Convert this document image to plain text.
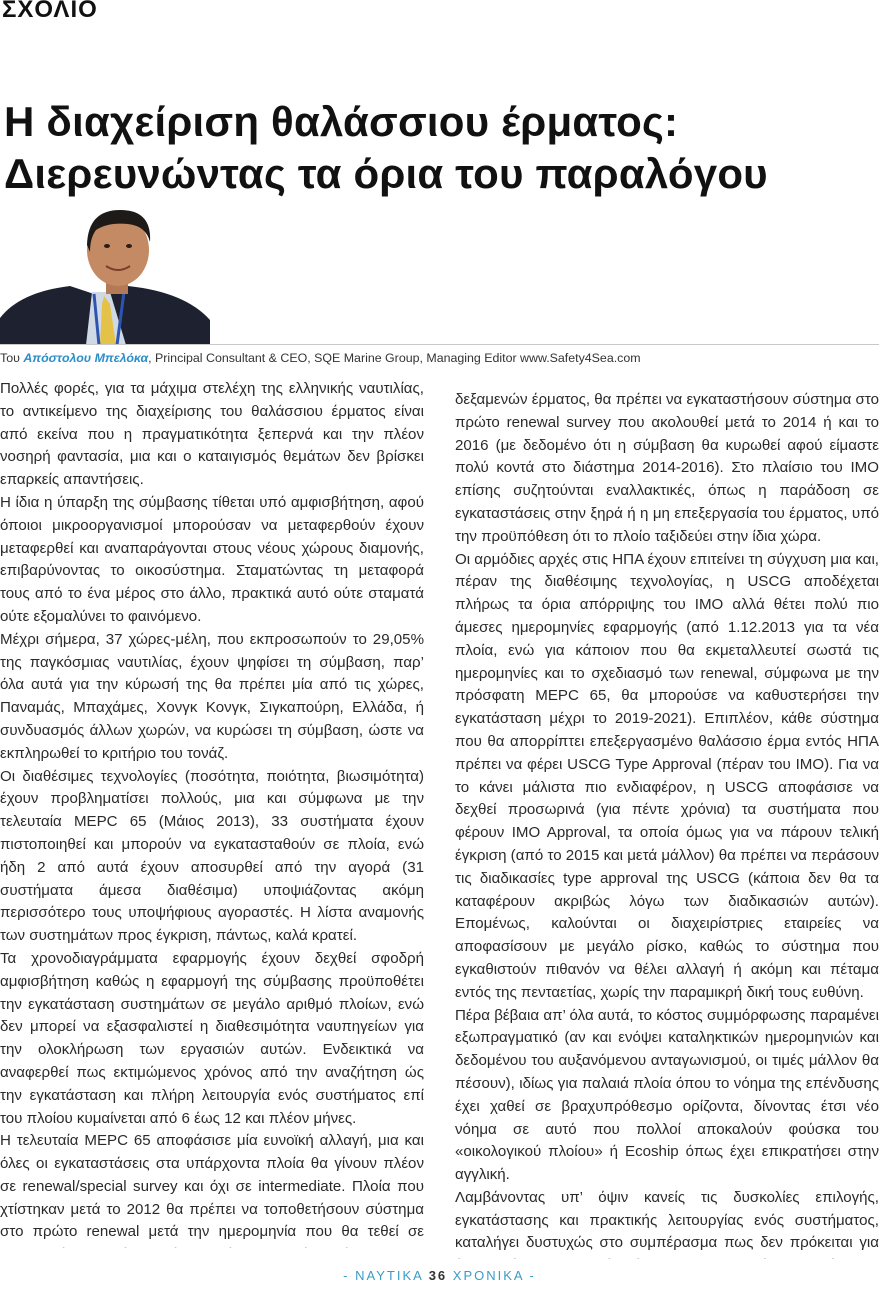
ΣΧΟΛΙΟ
Η διαχείριση θαλάσσιου έρματος:
Διερευνώντας τα όρια του παραλόγου
Του Απόστολου Μπελόκα, Principal Consultant & CEO, SQE Marine Group, Managing Editor www.Safety4Sea.com

Πολλές φορές, για τα μάχιμα στελέχη της ελληνικής ναυτιλίας, το αντικείμενο της διαχείρισης του θαλάσσιου έρματος είναι από εκείνα που η πραγματικότητα ξεπερνά και την πλέον νοσηρή φαντασία, μια και ο καταιγισμός θεμάτων δεν βρίσκει επαρκείς απαντήσεις.

Η ίδια η ύπαρξη της σύμβασης τίθεται υπό αμφισβήτηση, αφού όποιοι μικροοργανισμοί μπορούσαν να μεταφερθούν έχουν μεταφερθεί και αναπαράγονται στους νέους χώρους διαμονής, επιβαρύνοντας το οικοσύστημα. Σταματώντας τη μεταφορά τους από το ένα μέρος στο άλλο, πρακτικά αυτό ούτε σταματά ούτε εξομαλύνει το φαινόμενο.

Μέχρι σήμερα, 37 χώρες-μέλη, που εκπροσωπούν το 29,05% της παγκόσμιας ναυτιλίας, έχουν ψηφίσει τη σύμβαση, παρ’ όλα αυτά για την κύρωσή της θα πρέπει μία από τις χώρες, Παναμάς, Μπαχάμες, Χονγκ Κονγκ, Σιγκαπούρη, Ελλάδα, ή συνδυασμός άλλων χωρών, να κυρώσει τη σύμβαση, ώστε να εκπληρωθεί το κριτήριο του τονάζ.

Οι διαθέσιμες τεχνολογίες (ποσότητα, ποιότητα, βιωσιμότητα) έχουν προβληματίσει πολλούς, μια και σύμφωνα με την τελευταία MEPC 65 (Μάιος 2013), 33 συστήματα έχουν πιστοποιηθεί και μπορούν να εγκατασταθούν σε πλοία, ενώ ήδη 2 από αυτά έχουν αποσυρθεί από την αγορά (31 συστήματα άμεσα διαθέσιμα) υποψιάζοντας ακόμη περισσότερο τους υποψήφιους αγοραστές. Η λίστα αναμονής των συστημάτων προς έγκριση, πάντως, καλά κρατεί.

Τα χρονοδιαγράμματα εφαρμογής έχουν δεχθεί σφοδρή αμφισβήτηση καθώς η εφαρμογή της σύμβασης προϋποθέτει την εγκατάσταση συστημάτων σε μεγάλο αριθμό πλοίων, ενώ δεν μπορεί να εξασφαλιστεί η διαθεσιμότητα ναυπηγείων για την ολοκλήρωση των εργασιών αυτών. Ενδεικτικά να αναφερθεί πως εκτιμώμενος χρόνος από την αναζήτηση ώς την εγκατάσταση και πλήρη λειτουργία ενός συστήματος επί του πλοίου κυμαίνεται από 6 έως 12 και πλέον μήνες.

Η τελευταία MEPC 65 αποφάσισε μία ευνοϊκή αλλαγή, μια και όλες οι εγκαταστάσεις στα υπάρχοντα πλοία θα γίνουν πλέον σε renewal/special survey και όχι σε intermediate. Πλοία που χτίστηκαν μετά το 2012 θα πρέπει να τοποθετήσουν σύστημα στο πρώτο renewal μετά την ημερομηνία που θα τεθεί σε

δεξαμενών έρματος, θα πρέπει να εγκαταστήσουν σύστημα στο πρώτο renewal survey που ακολουθεί μετά το 2014 ή και το 2016 (με δεδομένο ότι η σύμβαση θα κυρωθεί αφού είμαστε πολύ κοντά στο διάστημα 2014-2016). Στο πλαίσιο του ΙΜΟ επίσης συζητούνται εναλλακτικές, όπως η παράδοση σε εγκαταστάσεις στην ξηρά ή η μη επεξεργασία του έρματος, υπό την προϋπόθεση ότι το πλοίο ταξιδεύει στην ίδια χώρα.

Οι αρμόδιες αρχές στις ΗΠΑ έχουν επιτείνει τη σύγχυση μια και, πέραν της διαθέσιμης τεχνολογίας, η USCG αποδέχεται πλήρως τα όρια απόρριψης του ΙΜΟ αλλά θέτει πολύ πιο άμεσες ημερομηνίες εφαρμογής (από 1.12.2013 για τα νέα πλοία, ενώ για κάποιον που θα εκμεταλλευτεί σωστά τις ημερομηνίες και το σχεδιασμό των renewal, σύμφωνα με την πρόσφατη MEPC 65, θα μπορούσε να καθυστερήσει την εγκατάσταση μέχρι το 2019-2021). Επιπλέον, κάθε σύστημα που θα απορρίπτει επεξεργασμένο θαλάσσιο έρμα εντός ΗΠΑ πρέπει να φέρει USCG Type Approval (πέραν του ΙΜΟ). Για να το κάνει μάλιστα πιο ενδιαφέρον, η USCG αποφάσισε να δεχθεί προσωρινά (για πέντε χρόνια) τα συστήματα που φέρουν IMO Approval, τα οποία όμως για να πάρουν τελική έγκριση (από το 2015 και μετά μάλλον) θα πρέπει να περάσουν τις διαδικασίες type approval της USCG (κάποια δεν θα τα καταφέρουν ακριβώς λόγω των διαδικασιών αυτών). Επομένως, καλούνται οι διαχειρίστριες εταιρείες να αποφασίσουν με μεγάλο ρίσκο, καθώς το σύστημα που εγκαθιστούν πιθανόν να θέλει αλλαγή ή ακόμη και πέταμα εντός της πενταετίας, χωρίς την παραμικρή δική τους ευθύνη.

Πέρα βέβαια απ’ όλα αυτά, το κόστος συμμόρφωσης παραμένει εξωπραγματικό (αν και ενόψει καταληκτικών ημερομηνιών και δεδομένου του αυξανόμενου ανταγωνισμού, οι τιμές μάλλον θα πέσουν), ιδίως για παλαιά πλοία όπου το νόημα της επένδυσης έχει χαθεί σε βραχυπρόθεσμο ορίζοντα, δίνοντας έτσι νέο νόημα σε αυτό που πολλοί αποκαλούν φούσκα του «οικολογικού πλοίου» ή Ecoship όπως έχει επικρατήσει στην αγγλική.

Λαμβάνοντας υπ’ όψιν κανείς τις δυσκολίες επιλογής, εγκατάστασης και πρακτικής λειτουργίας ενός συστήματος, καταλήγει δυστυχώς στο συμπέρασμα πως δεν πρόκειται για

- ΝΑΥΤΙΚΑ 36 ΧΡΟΝΙΚΑ -
